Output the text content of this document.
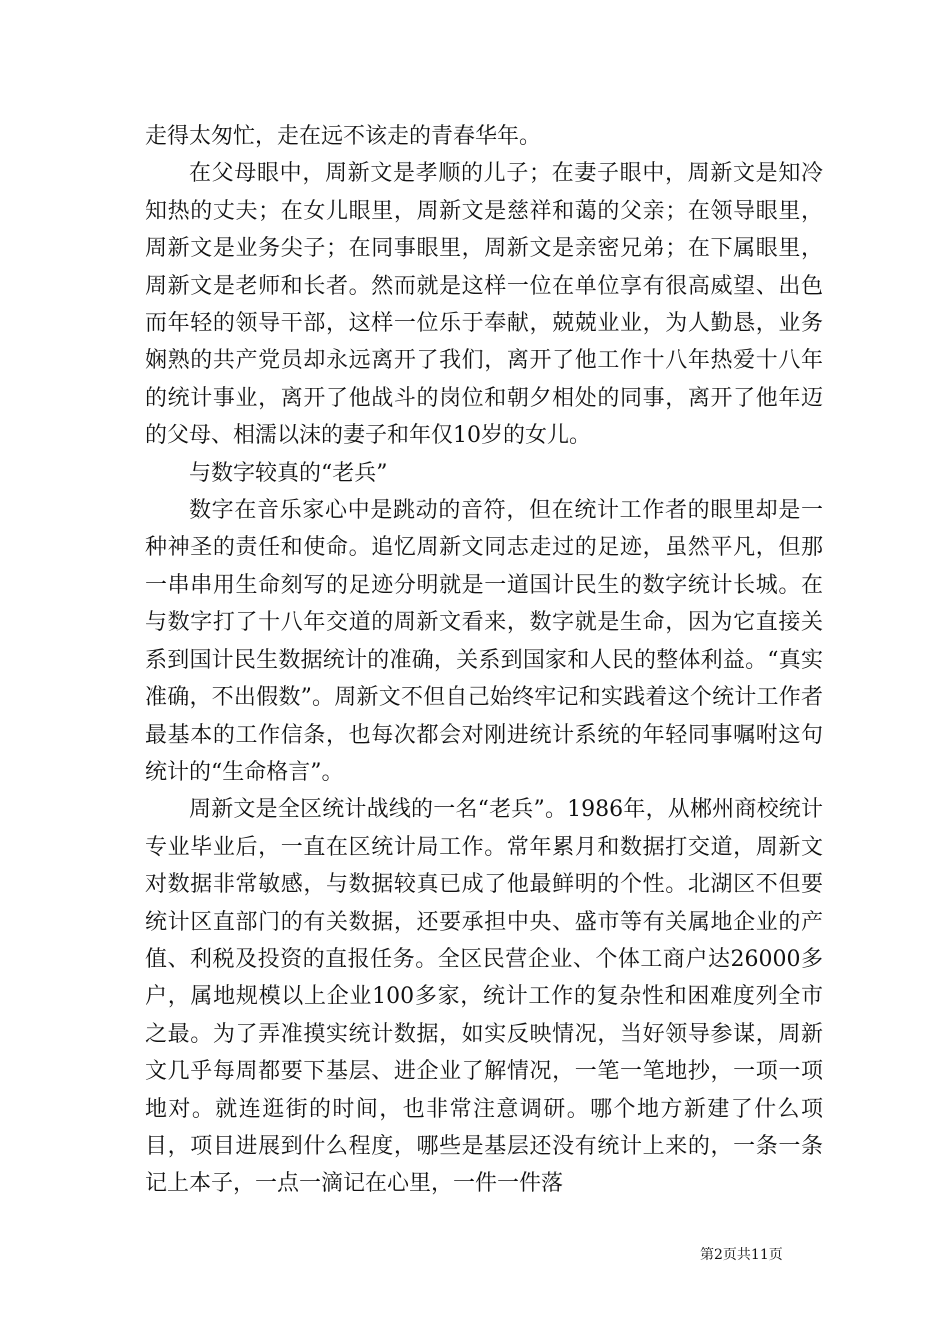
走得太匆忙，走在远不该走的青春华年。

在父母眼中，周新文是孝顺的儿子；在妻子眼中，周新文是知冷知热的丈夫；在女儿眼里，周新文是慈祥和蔼的父亲；在领导眼里，周新文是业务尖子；在同事眼里，周新文是亲密兄弟；在下属眼里，周新文是老师和长者。然而就是这样一位在单位享有很高威望、出色而年轻的领导干部，这样一位乐于奉献，兢兢业业，为人勤恳，业务娴熟的共产党员却永远离开了我们，离开了他工作十八年热爱十八年的统计事业，离开了他战斗的岗位和朝夕相处的同事，离开了他年迈的父母、相濡以沫的妻子和年仅10岁的女儿。

与数字较真的“老兵”

数字在音乐家心中是跳动的音符，但在统计工作者的眼里却是一种神圣的责任和使命。追忆周新文同志走过的足迹，虽然平凡，但那一串串用生命刻写的足迹分明就是一道国计民生的数字统计长城。在与数字打了十八年交道的周新文看来，数字就是生命，因为它直接关系到国计民生数据统计的准确，关系到国家和人民的整体利益。“真实准确，不出假数”。周新文不但自己始终牢记和实践着这个统计工作者最基本的工作信条，也每次都会对刚进统计系统的年轻同事嘱咐这句统计的“生命格言”。

周新文是全区统计战线的一名“老兵”。1986年，从郴州商校统计专业毕业后，一直在区统计局工作。常年累月和数据打交道，周新文对数据非常敏感，与数据较真已成了他最鲜明的个性。北湖区不但要统计区直部门的有关数据，还要承担中央、盛市等有关属地企业的产值、利税及投资的直报任务。全区民营企业、个体工商户达26000多户，属地规模以上企业100多家，统计工作的复杂性和困难度列全市之最。为了弄准摸实统计数据，如实反映情况，当好领导参谋，周新文几乎每周都要下基层、进企业了解情况，一笔一笔地抄，一项一项地对。就连逛街的时间，也非常注意调研。哪个地方新建了什么项目，项目进展到什么程度，哪些是基层还没有统计上来的，一条一条记上本子，一点一滴记在心里，一件一件落

第2页共11页
